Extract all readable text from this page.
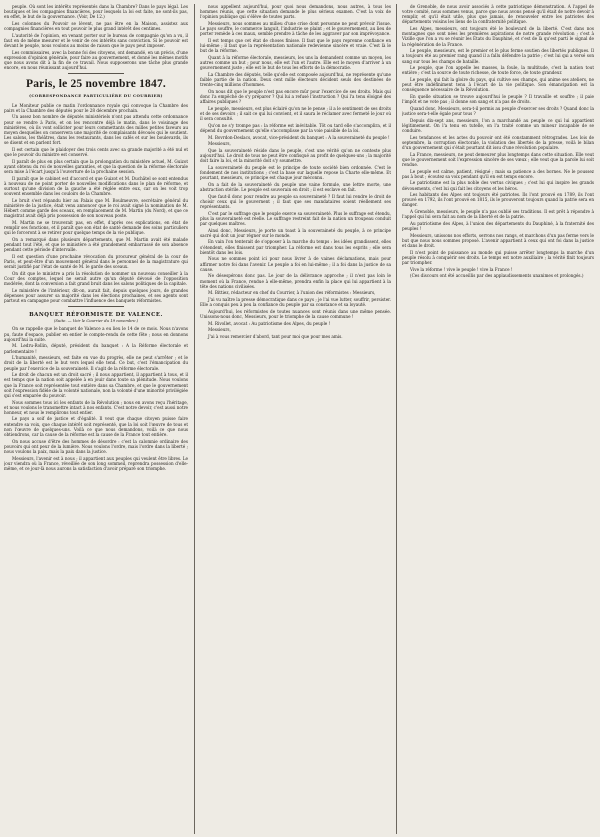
peuple. Où sont les intérêts représentés dans la Chambre? Dans le pays légal. Les boutiques et les compagnies financières, pour lesquels la loi est faite, ne sont-ils pas, en effet, le but de la gouvernance. (Voir, De 12.)

Les colonnes du Pouvoir se lèvent, ne pas être en la Maison, assistez aux compagnies financières en tout pouvoir le plus grand intérêt des centimes.

L'autorité de l'opinion, en venant porter sur le bureau de compagnie qu'on a vu, il faut en de même mesurer et le venir de ces intérêts sans conviction. Si le pouvoir est devant le peuple, nous voulons au moins de raison que le pays peut imposer.

Les commissaires, avec la bonne foi des citoyens, ont demandé, en un précis, d'une expression d'opinion générale, pour faire au gouvernement, et donné les mêmes motifs que nous avons dit à la fin de ce travail. Nous supposerons une tâche plus grande encore, en nous réunissant aujourd'hui.

Paris, le 25 novembre 1847.
(CORRESPONDANCE PARTICULIÈRE DU COURRIER)

Le Moniteur publie ce matin l'ordonnance royale qui convoque la Chambre des pairs et la Chambre des députés pour le 28 décembre prochain.

Un assez bon nombre de députés ministériels n'ont pas attendu cette ordonnance pour se rendre à Paris, et on les rencontre déjà le matin, dans le voisinage des ministères, où ils vont solliciter pour leurs commettants des milles petites faveurs au moyen desquelles on conservera une majorité de complaisants dévoués qui le soutient. Les salons, les théâtres, dans les restaurants, dans les cafés et sur les boulevards, ils se disent et en parlent fort.

Il est certain que le plaidoyer des trois cents avec sa grande majorité a été nul et que le pouvoir du ministre est conservé.

Il paraît de plus en plus certain que la prolongation du ministère actuel, M. Guizot ayant obtenu du roi de nouvelles garanties, et que la question de la réforme électorale sera mise à l'écart jusqu'à l'ouverture de la prochaine session.

Il paraît que le cabinet est d'accord et que Guizot et M. Duchâtel se sont entendus à nouveau de ne point porter de nouvelles modifications dans le plan de réforme, et surtout qu'une division de la gauche a été réglée entre eux, car on les voit trop souvent ensemble dans les couloirs de la Chambre.

Le bruit s'est répandu hier au Palais que M. Boulmeuvre, secrétaire général du ministère de la justice, était venu annoncer que le roi avait signé la nomination de M. Hébert comme garde des sceaux, en remplacement de M. Martin (du Nord), et que ce magistrat avait déjà pris possession de son nouveau poste.

M. Martin ne se trouverait pas, en effet, d'après ces explications, en état de remplir ses fonctions, et il paraît que son état de santé demande des soins particuliers qui le forceront à se retirer pour quelque temps de la vie publique.

On a remarqué dans plusieurs départements, que M. Martin avait été malade pendant tout l'été, et que le ministère a été grandement embarrassé de son absence pendant cette période d'intervalle.

Il est question d'une prochaine révocation du procureur général de la cour de Paris, et peut-être d'un mouvement général dans le personnel de la magistrature qui serait justifié par l'état de santé de M. le garde des sceaux.

On dit que le ministre a pris la résolution de nommer un nouveau conseiller à la Cour des comptes, lequel ne serait autre qu'un député dévoué de l'opposition modérée, dont la conversion a fait grand bruit dans les salons politiques de la capitale.

Le ministère de l'intérieur, dit-on, aurait fait, depuis quelques jours, de grandes dépenses pour assurer sa majorité dans les élections prochaines, et ses agents sont partout en campagne pour combattre l'influence des banquets réformistes.

BANQUET RÉFORMISTE DE VALENCE.
(Suite. — Voir le Courrier du 19 novembre.)

On se rappelle que le banquet de Valence a eu lieu le 14 de ce mois. Nous n'avons pu, faute d'espace, publier en entier le compte-rendu de cette fête ; nous en donnons aujourd'hui la suite.

M. Ledru-Rollin, député, président du banquet : A la Réforme électorale et parlementaire !

L'humanité, messieurs, est faite en vue du progrès, elle ne peut s'arrêter ; et le droit de la liberté est le but vers lequel elle tend. Ce but, c'est l'émancipation du peuple par l'exercice de la souveraineté. Il s'agit de la réforme électorale.

Le droit de chacun est un droit sacré ; il nous appartient, il appartient à tous, et il est temps que la nation soit appelée à en jouir dans toute sa plénitude. Nous voulons que la France soit représentée tout entière dans sa Chambre, et que le gouvernement soit l'expression fidèle de la volonté nationale, non la volonté d'une minorité privilégiée qui s'est emparée du pouvoir.

Nous sommes tous ici les enfants de la Révolution ; nous en avons reçu l'héritage, et nous voulons le transmettre intact à nos enfants. C'est notre devoir, c'est aussi notre honneur, et nous le remplirons tout entier.

Le pays a soif de justice et d'égalité. Il veut que chaque citoyen puisse faire entendre sa voix, que chaque intérêt soit représenté, que la loi soit l'œuvre de tous et non l'œuvre de quelques-uns. Voilà ce que nous demandons, voilà ce que nous obtiendrons, car la cause de la réforme est la cause de la France tout entière.

On nous accuse d'être des hommes de désordre : c'est la calomnie ordinaire des pouvoirs qui ont peur de la lumière. Nous voulons l'ordre, mais l'ordre dans la liberté ; nous voulons la paix, mais la paix dans la justice.

Messieurs, l'avenir est à nous ; il appartient aux peuples qui veulent être libres. Le jour viendra où la France, réveillée de son long sommeil, reprendra possession d'elle-même, et ce jour-là nous aurons la satisfaction d'avoir préparé son triomphe.

nous appellent aujourd'hui, pour quoi nous demandons, nous autres, à tous les hommes réunis, que cette situation demande le plus sérieux examen. C'est la voix de l'opinion publique qui s'élève de toutes parts.

Messieurs, nous sommes au milieu d'une crise dont personne ne peut prévoir l'issue. Le pays souffre, le commerce languit, l'industrie se plaint ; et le gouvernement, au lieu de porter remède à ces maux, semble prendre à tâche de les aggraver par son imprévoyance.

Il est temps que cet état de choses finisse. Il faut que le pays reprenne confiance en lui-même ; il faut que la représentation nationale redevienne sincère et vraie. C'est là le but de la réforme.

Quant à la réforme électorale, messieurs, les uns la demandent comme un moyen, les autres comme un but ; pour nous, elle est l'un et l'autre. Elle est le moyen d'arriver à un gouvernement juste ; elle est le but de tous les efforts de la démocratie.

La Chambre des députés, telle qu'elle est composée aujourd'hui, ne représente qu'une faible partie de la nation. Deux cent mille électeurs décident seuls des destinées de trente-cinq millions d'hommes.

On nous dit que le peuple n'est pas encore mûr pour l'exercice de ses droits. Mais qui donc l'a empêché de s'y préparer ? Qui lui a refusé l'instruction ? Qui l'a tenu éloigné des affaires publiques ?

Le peuple, messieurs, est plus éclairé qu'on ne le pense ; il a le sentiment de ses droits et de ses devoirs ; il sait ce qui lui convient, et il saura le réclamer avec fermeté le jour où il sera consulté.

Qu'on ne s'y trompe pas : la réforme est inévitable. Tôt ou tard elle s'accomplira, et il dépend du gouvernement qu'elle s'accomplisse par la voie paisible de la loi.

M. Bovrdon-Deslacs, avocat, vice-président du banquet : A la souveraineté du peuple !

Messieurs,

Que la souveraineté réside dans le peuple, c'est une vérité qu'on ne conteste plus aujourd'hui. Le droit de tous ne peut être confisqué au profit de quelques-uns ; la majorité doit faire la loi, et la minorité doit s'y soumettre.

La souveraineté du peuple est le principe de toute société bien ordonnée. C'est le fondement de nos institutions ; c'est la base sur laquelle repose la Charte elle-même. Et pourtant, messieurs, ce principe est chaque jour méconnu.

On a fait de la souveraineté du peuple une vaine formule, une lettre morte, une abstraction stérile. Le peuple est souverain en droit ; il est esclave en fait.

Que faut-il donc pour rendre au peuple sa souveraineté ? Il faut lui rendre le droit de choisir ceux qui le gouvernent ; il faut que ses mandataires soient réellement ses représentants.

C'est par le suffrage que le peuple exerce sa souveraineté. Plus le suffrage est étendu, plus la souveraineté est réelle. Le suffrage restreint fait de la nation un troupeau conduit par quelques maîtres.

Ainsi donc, Messieurs, je porte un toast à la souveraineté du peuple, à ce principe sacré qui doit un jour régner sur le monde.

En vain l'on tenterait de s'opposer à la marche du temps : les idées grandissent, elles s'étendent, elles finissent par triompher. La réforme est dans tous les esprits ; elle sera bientôt dans les lois.

Nous ne sommes point ici pour nous livrer à de vaines déclamations, mais pour affirmer notre foi dans l'avenir. Le peuple a foi en lui-même ; il a foi dans la justice de sa cause.

Ne désespérons donc pas. Le jour de la délivrance approche ; il n'est pas loin le moment où la France, rendue à elle-même, prendra enfin la place qui lui appartient à la tête des nations civilisées.

M. Bittiez, rédacteur en chef du Courrier, à l'union des réformistes : Messieurs,

J'ai vu naître la presse démocratique dans ce pays ; je l'ai vue lutter, souffrir, persister. Elle a conquis peu à peu la confiance du peuple par sa constance et sa loyauté.

Aujourd'hui, les réformistes de toutes nuances sont réunis dans une même pensée. Unissons-nous donc, Messieurs, pour le triomphe de la cause commune !

M. Rivollet, avocat : Au patriotisme des Alpes, du peuple !

Messieurs,

J'ai à vous remercier d'abord, tant pour moi que pour mes amis.

de Grenoble, de nous avoir associés à cette patriotique démonstration. A l'appel de votre comité, nous sommes venus, parce que nous avons pensé qu'il était de notre devoir à remplir, et qu'il était utile, plus que jamais, de renouveler entre les patriotes des départements voisins les liens de la confraternité politique.

Les Alpes, messieurs, ont toujours été le boulevard de la liberté. C'est dans nos montagnes que sont nées les premières aspirations de notre grande révolution ; c'est à Vizille que l'on a vu se réunir les États du Dauphiné, et c'est de là qu'est parti le signal de la régénération de la France.

Le peuple, messieurs, est le premier et le plus ferme soutien des libertés publiques. Il a toujours été au premier rang quand il a fallu défendre la patrie ; c'est lui qui a versé son sang sur tous les champs de bataille.

Le peuple, que l'on appelle les masses, la foule, la multitude, c'est la nation tout entière ; c'est la source de toute richesse, de toute force, de toute grandeur.

Le peuple, qui fait la gloire du pays, qui cultive ses champs, qui anime ses ateliers, ne peut être indéfiniment tenu à l'écart de la vie politique. Son émancipation est la conséquence nécessaire de la Révolution.

En quelle situation se trouve aujourd'hui le peuple ? Il travaille et souffre ; il paie l'impôt et ne vote pas ; il donne son sang et n'a pas de droits.

Quand donc, Messieurs, sera-t-il permis au peuple d'exercer ses droits ? Quand donc la justice sera-t-elle égale pour tous ?

Depuis dix-sept ans, messieurs, l'on a marchandé au peuple ce qui lui appartient légitimement. On l'a tenu en tutelle, on l'a traité comme un mineur incapable de se conduire.

Les tendances et les actes du pouvoir ont été constamment rétrogrades. Les lois de septembre, la corruption électorale, la violation des libertés de la presse, voilà le bilan d'un gouvernement qui s'était pourtant dit issu d'une révolution populaire.

La France, messieurs, ne peut demeurer plus longtemps dans cette situation. Elle veut que le gouvernement soit l'expression sincère de ses vœux ; elle veut que la parole lui soit rendue.

Le peuple est calme, patient, résigné ; mais sa patience a des bornes. Ne le poussez pas à bout ; écoutez sa voix pendant qu'il en est temps encore.

Le patriotisme est la plus noble des vertus civiques ; c'est lui qui inspire les grands dévouements, c'est lui qui fait les citoyens et les héros.

Les habitants des Alpes ont toujours été patriotes. Ils l'ont prouvé en 1789, ils l'ont prouvé en 1792, ils l'ont prouvé en 1815, ils le prouveront toujours quand la patrie sera en danger.

A Grenoble, messieurs, le peuple n'a pas oublié ses traditions. Il est prêt à répondre à l'appel qui lui sera fait au nom de la liberté et de la patrie.

Au patriotisme des Alpes, à l'union des départements du Dauphiné, à la fraternité des peuples !

Messieurs, unissons nos efforts, serrons nos rangs, et marchons d'un pas ferme vers le but que nous nous sommes proposé. L'avenir appartient à ceux qui ont foi dans la justice et dans le droit.

Il n'est point de puissance au monde qui puisse arrêter longtemps la marche d'un peuple résolu à conquérir ses droits. Le temps est notre auxiliaire ; la vérité finit toujours par triompher.

Vive la réforme ! vive le peuple ! vive la France !

(Ces discours ont été accueillis par des applaudissements unanimes et prolongés.)
